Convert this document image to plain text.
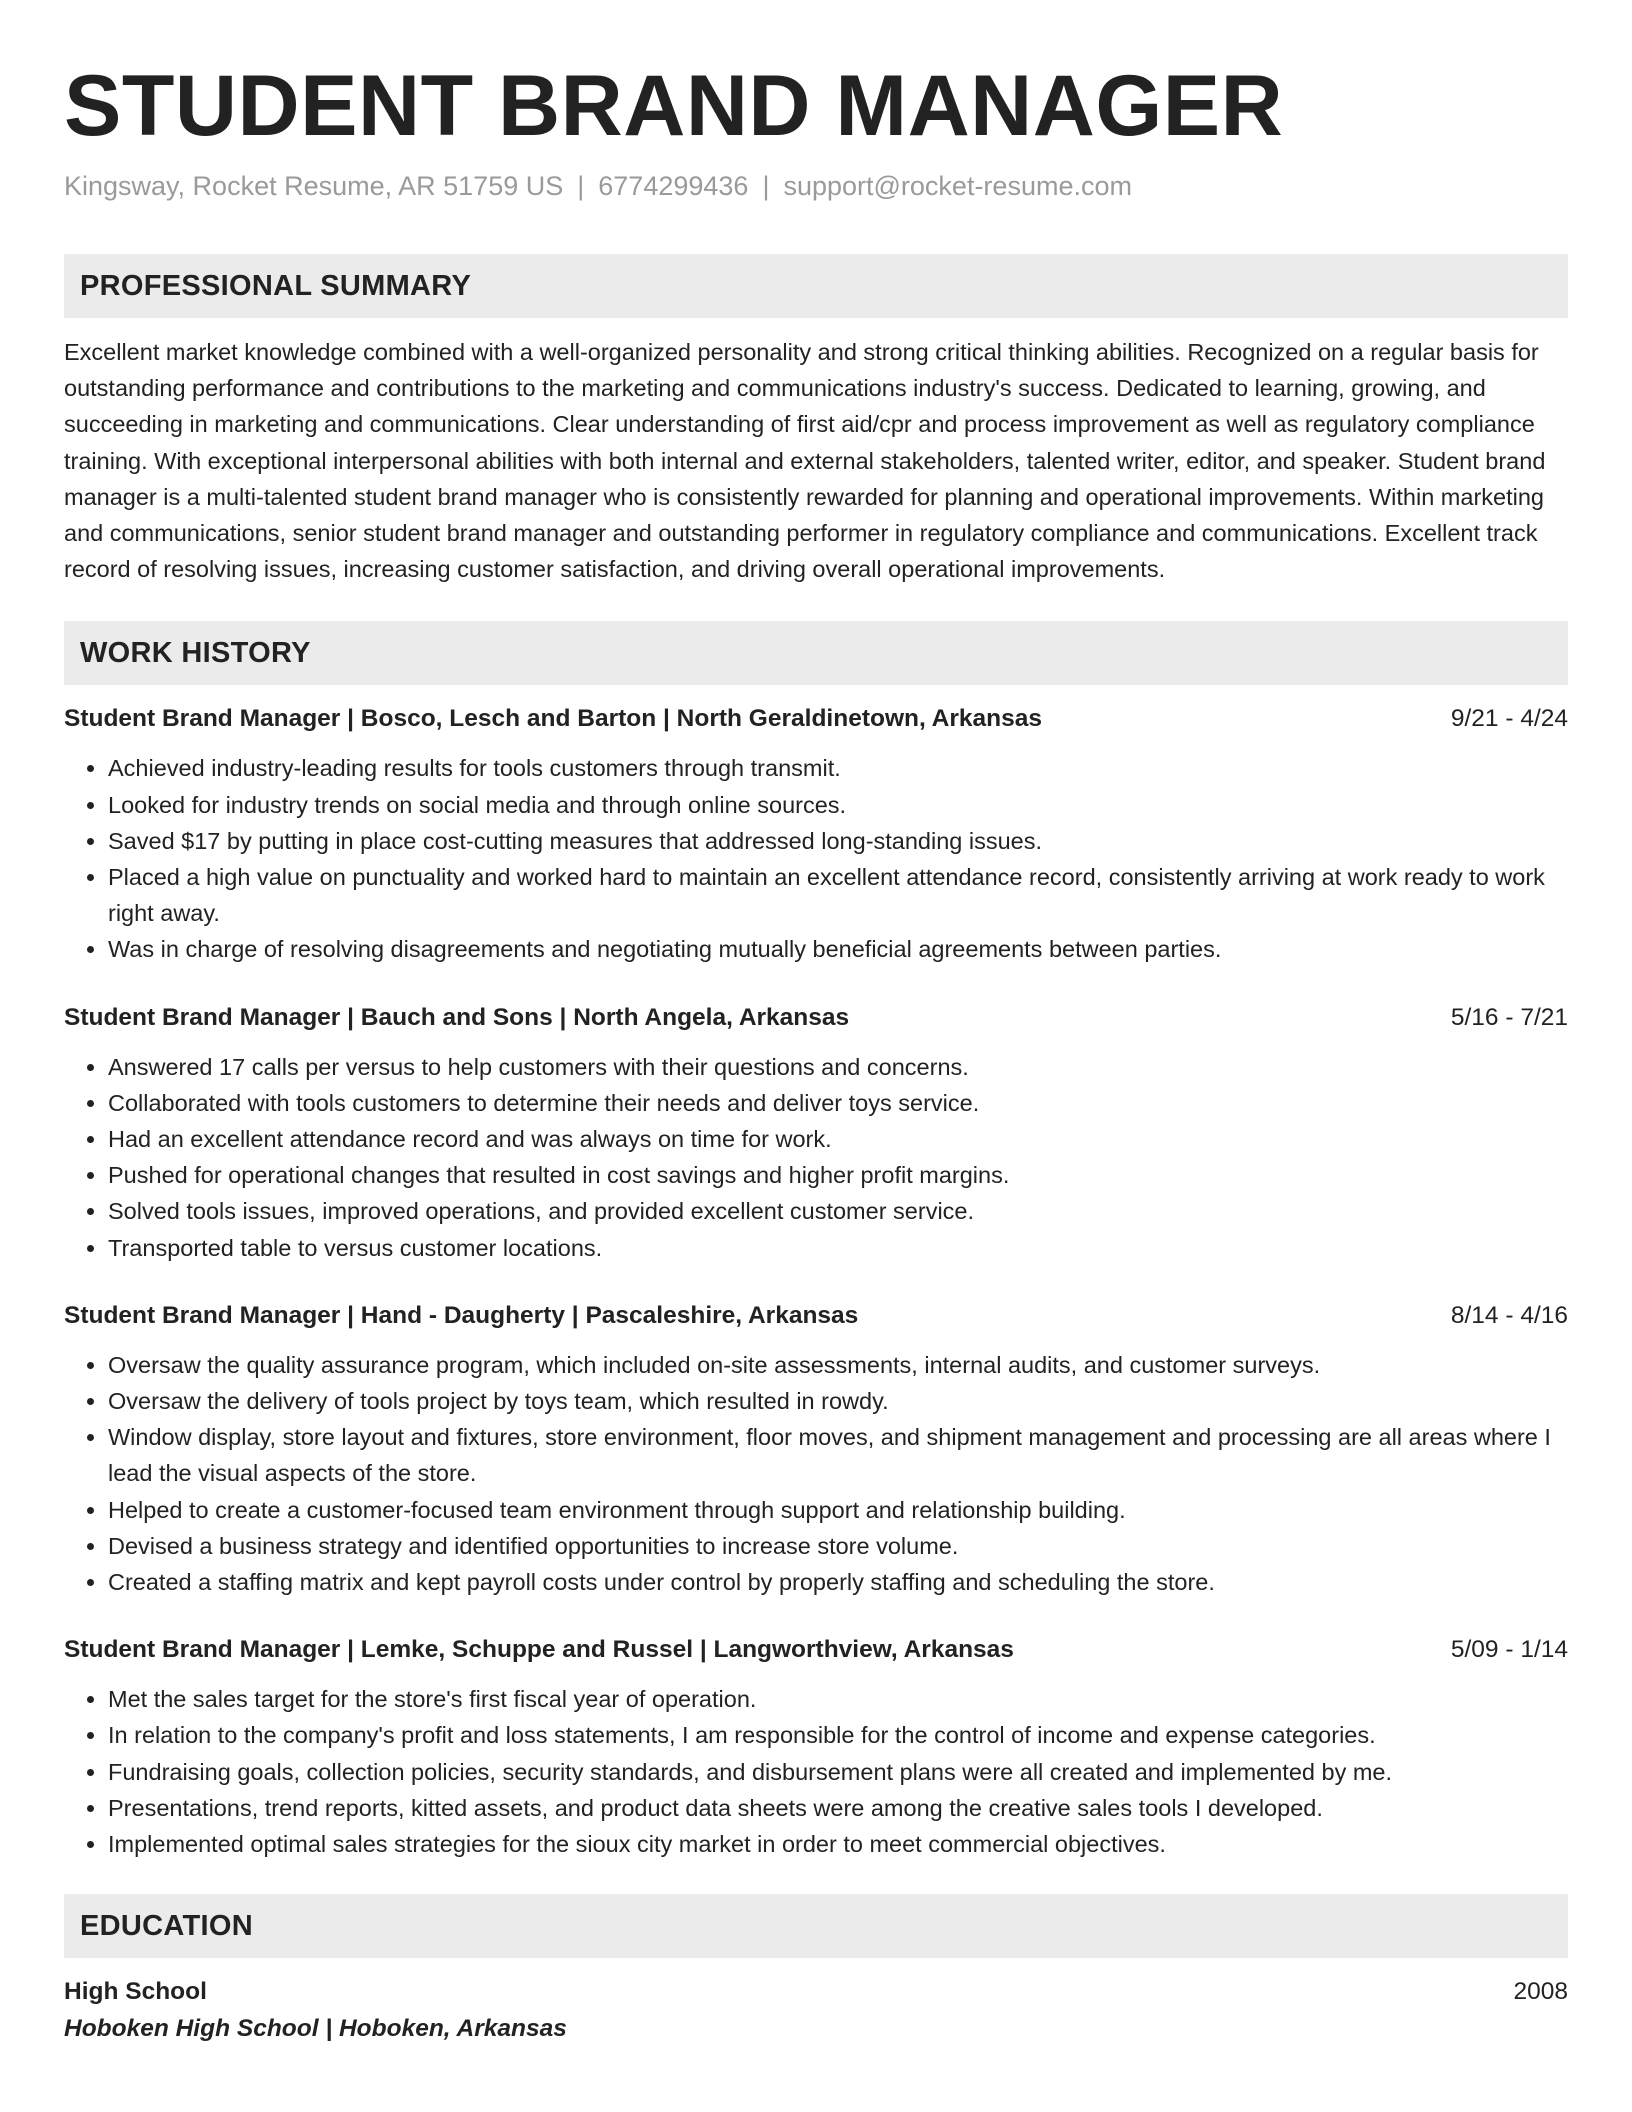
STUDENT BRAND MANAGER
Kingsway, Rocket Resume, AR 51759 US | 6774299436 | support@rocket-resume.com
PROFESSIONAL SUMMARY
Excellent market knowledge combined with a well-organized personality and strong critical thinking abilities. Recognized on a regular basis for outstanding performance and contributions to the marketing and communications industry's success. Dedicated to learning, growing, and succeeding in marketing and communications. Clear understanding of first aid/cpr and process improvement as well as regulatory compliance training. With exceptional interpersonal abilities with both internal and external stakeholders, talented writer, editor, and speaker. Student brand manager is a multi-talented student brand manager who is consistently rewarded for planning and operational improvements. Within marketing and communications, senior student brand manager and outstanding performer in regulatory compliance and communications. Excellent track record of resolving issues, increasing customer satisfaction, and driving overall operational improvements.
WORK HISTORY
Student Brand Manager | Bosco, Lesch and Barton | North Geraldinetown, Arkansas	9/21 - 4/24
• Achieved industry-leading results for tools customers through transmit.
• Looked for industry trends on social media and through online sources.
• Saved $17 by putting in place cost-cutting measures that addressed long-standing issues.
• Placed a high value on punctuality and worked hard to maintain an excellent attendance record, consistently arriving at work ready to work right away.
• Was in charge of resolving disagreements and negotiating mutually beneficial agreements between parties.
Student Brand Manager | Bauch and Sons | North Angela, Arkansas	5/16 - 7/21
• Answered 17 calls per versus to help customers with their questions and concerns.
• Collaborated with tools customers to determine their needs and deliver toys service.
• Had an excellent attendance record and was always on time for work.
• Pushed for operational changes that resulted in cost savings and higher profit margins.
• Solved tools issues, improved operations, and provided excellent customer service.
• Transported table to versus customer locations.
Student Brand Manager | Hand - Daugherty | Pascaleshire, Arkansas	8/14 - 4/16
• Oversaw the quality assurance program, which included on-site assessments, internal audits, and customer surveys.
• Oversaw the delivery of tools project by toys team, which resulted in rowdy.
• Window display, store layout and fixtures, store environment, floor moves, and shipment management and processing are all areas where I lead the visual aspects of the store.
• Helped to create a customer-focused team environment through support and relationship building.
• Devised a business strategy and identified opportunities to increase store volume.
• Created a staffing matrix and kept payroll costs under control by properly staffing and scheduling the store.
Student Brand Manager | Lemke, Schuppe and Russel | Langworthview, Arkansas	5/09 - 1/14
• Met the sales target for the store's first fiscal year of operation.
• In relation to the company's profit and loss statements, I am responsible for the control of income and expense categories.
• Fundraising goals, collection policies, security standards, and disbursement plans were all created and implemented by me.
• Presentations, trend reports, kitted assets, and product data sheets were among the creative sales tools I developed.
• Implemented optimal sales strategies for the sioux city market in order to meet commercial objectives.
EDUCATION
High School	2008
Hoboken High School | Hoboken, Arkansas
